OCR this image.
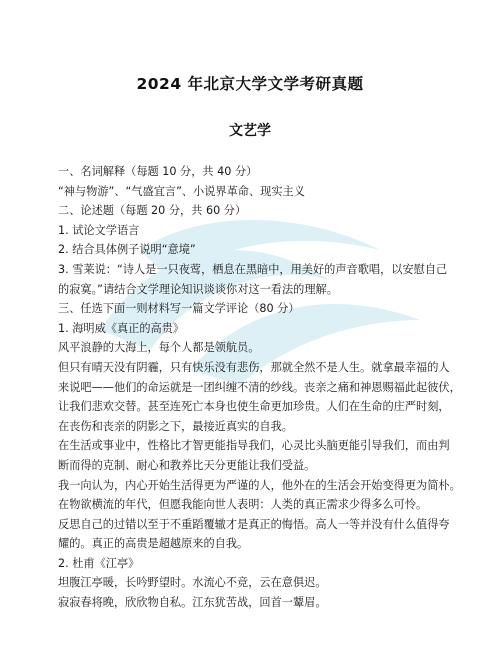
2024 年北京大学文学考研真题
文艺学
一、名词解释（每题 10 分，共 40 分）
“神与物游”、“气盛宜言”、小说界革命、现实主义
二、论述题（每题 20 分，共 60 分）
1. 试论文学语言
2. 结合具体例子说明“意境”
3. 雪莱说：“诗人是一只夜莺，栖息在黑暗中，用美好的声音歌唱，以安慰自己
的寂寞。”请结合文学理论知识谈谈你对这一看法的理解。
三、任选下面一则材料写一篇文学评论（80 分）
1. 海明威《真正的高贵》
风平浪静的大海上，每个人都是领航员。
但只有晴天没有阴霾，只有快乐没有悲伤，那就全然不是人生。就拿最幸福的人
来说吧——他们的命运就是一团纠缠不清的纱线。丧亲之痛和神恩赐福此起彼伏，
让我们悲欢交替。甚至连死亡本身也使生命更加珍贵。人们在生命的庄严时刻，
在丧伤和丧亲的阴影之下，最接近真实的自我。
在生活或事业中，性格比才智更能指导我们，心灵比头脑更能引导我们，而由判
断而得的克制、耐心和教养比天分更能让我们受益。
我一向认为，内心开始生活得更为严谨的人，他外在的生活会开始变得更为简朴。
在物欲横流的年代，但愿我能向世人表明：人类的真正需求少得多么可怜。
反思自己的过错以至于不重蹈覆辙才是真正的悔悟。高人一等并没有什么值得夸
耀的。真正的高贵是超越原来的自我。
2. 杜甫《江亭》
坦腹江亭暖，长吟野望时。水流心不竞，云在意俱迟。
寂寂春将晚，欣欣物自私。江东犹苦战，回首一颦眉。
